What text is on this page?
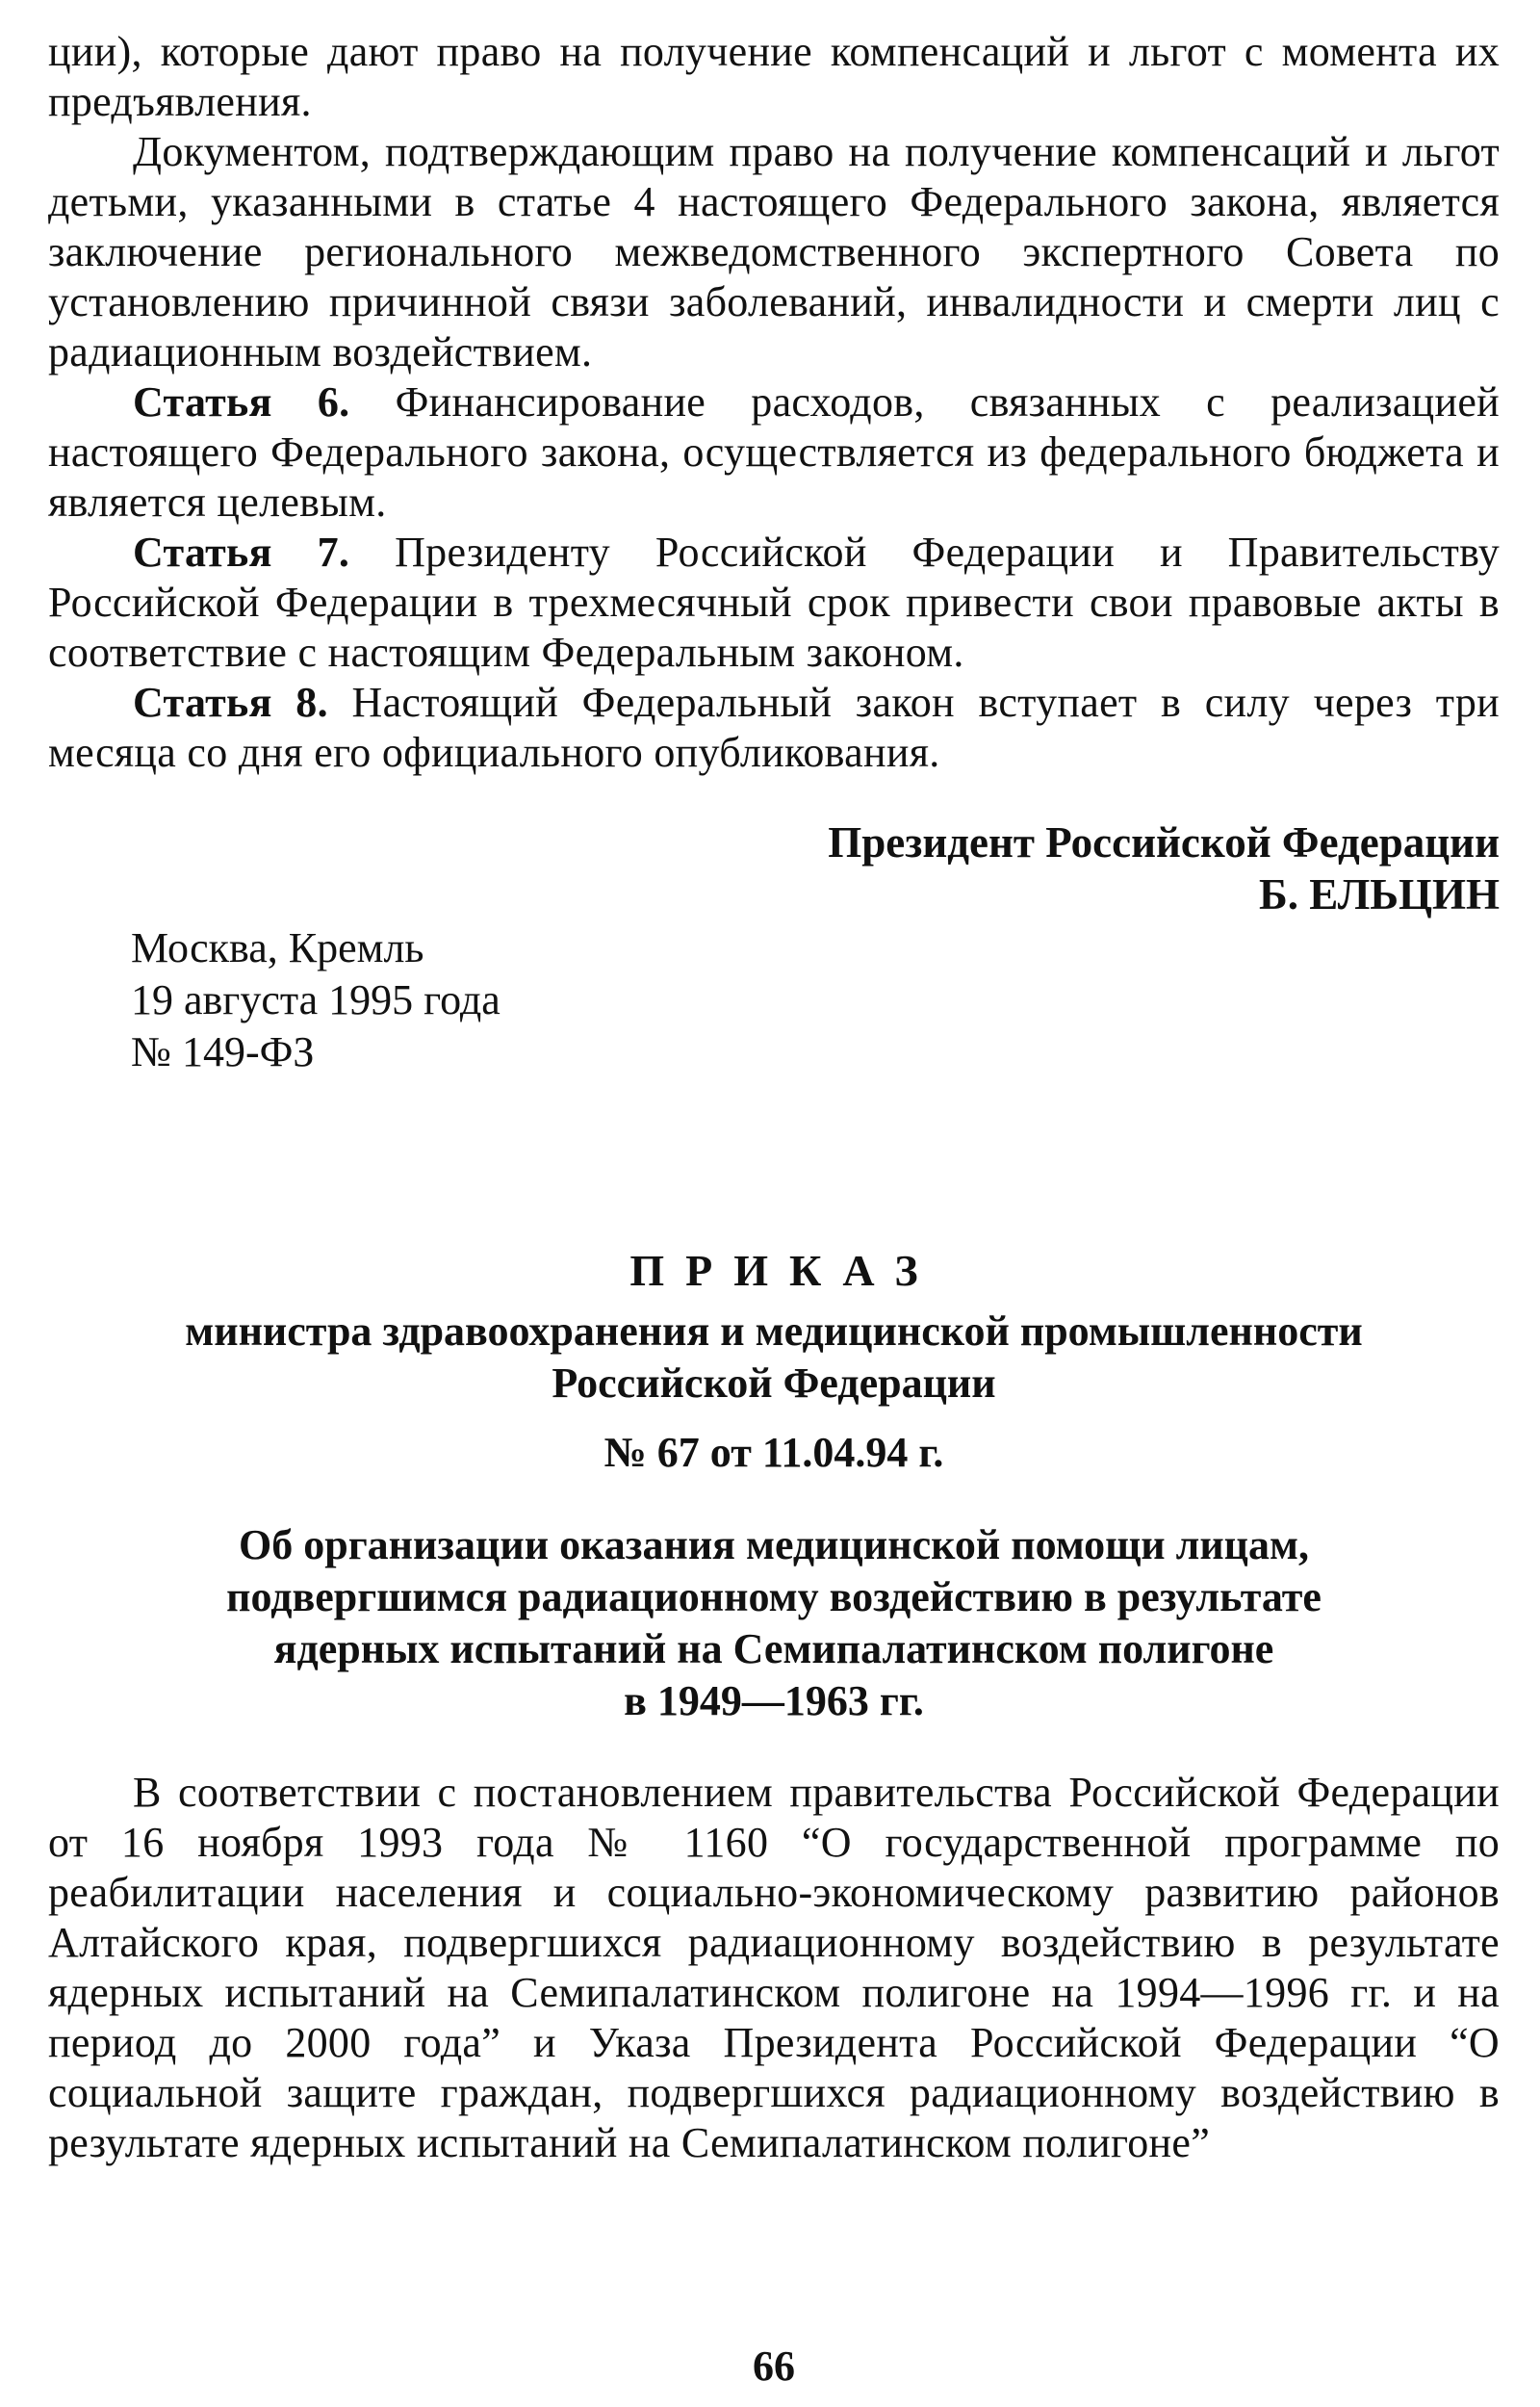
ции), которые дают право на получение компенсаций и льгот с момента их предъявления.

Документом, подтверждающим право на получение компенсаций и льгот детьми, указанными в статье 4 настоящего Федерального закона, является заключение регионального межведомственного экспертного Совета по установлению причинной связи заболеваний, инвалидности и смерти лиц с радиационным воздействием.

Статья 6. Финансирование расходов, связанных с реализацией настоящего Федерального закона, осуществляется из федерального бюджета и является целевым.

Статья 7. Президенту Российской Федерации и Правительству Российской Федерации в трехмесячный срок привести свои правовые акты в соответствие с настоящим Федеральным законом.

Статья 8. Настоящий Федеральный закон вступает в силу через три месяца со дня его официального опубликования.

Президент Российской Федерации
Б. ЕЛЬЦИН
Москва, Кремль
19 августа 1995 года
№ 149-ФЗ
ПРИКАЗ
министра здравоохранения и медицинской промышленности
Российской Федерации
№ 67 от 11.04.94 г.
Об организации оказания медицинской помощи лицам,
подвергшимся радиационному воздействию в результате
ядерных испытаний на Семипалатинском полигоне
в 1949—1963 гг.

В соответствии с постановлением правительства Российской Федерации от 16 ноября 1993 года № 1160 “О государственной программе по реабилитации населения и социально-экономическому развитию районов Алтайского края, подвергшихся радиационному воздействию в результате ядерных испытаний на Семипалатинском полигоне на 1994—1996 гг. и на период до 2000 года” и Указа Президента Российской Федерации “О социальной защите граждан, подвергшихся радиационному воздействию в результате ядерных испытаний на Семипалатинском полигоне”

66
